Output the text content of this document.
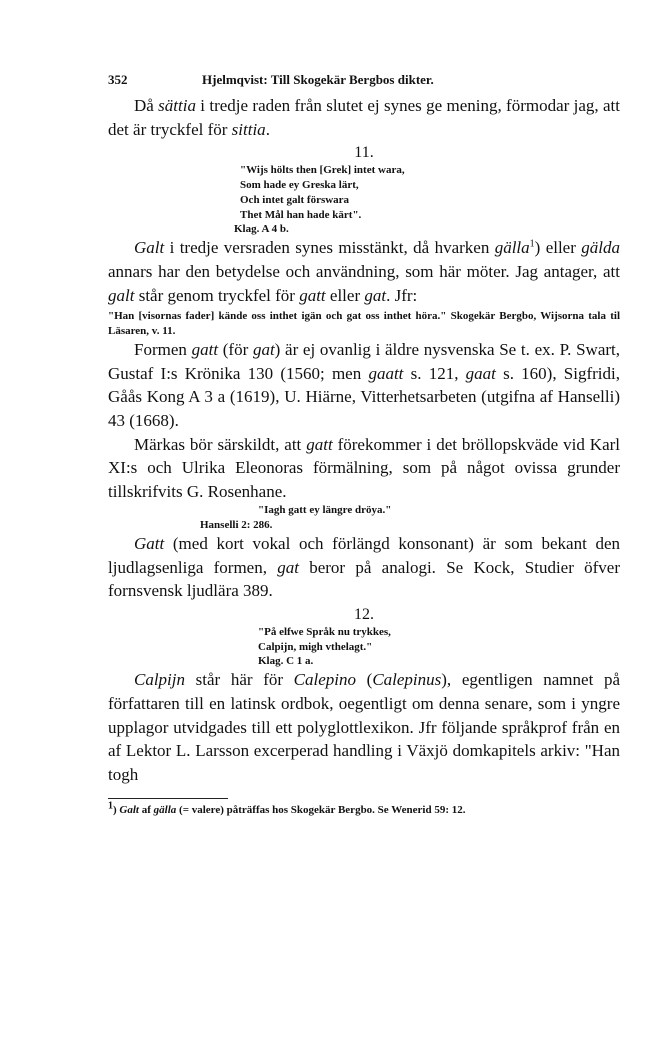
352	Hjelmqvist: Till Skogekär Bergbos dikter.

Då sättia i tredje raden från slutet ej synes ge mening, förmodar jag, att det är tryckfel för sittia.

11.
"Wijs hölts then [Grek] intet wara,
Som hade ey Greska lärt,
Och intet galt förswara
Thet Mål han hade kärt".
Klag. A 4 b.

Galt i tredje versraden synes misstänkt, då hvarken gälla$^1$) eller gälda annars har den betydelse och användning, som här möter. Jag antager, att galt står genom tryckfel för gatt eller gat. Jfr:

"Han [visornas fader] kände oss inthet igän och gat oss inthet höra." Skogekär Bergbo, Wijsorna tala til Läsaren, v. 11.

Formen gatt (för gat) är ej ovanlig i äldre nysvenska Se t. ex. P. Swart, Gustaf I:s Krönika 130 (1560; men gaatt s. 121, gaat s. 160), Sigfridi, Gåås Kong A 3 a (1619), U. Hiärne, Vitterhetsarbeten (utgifna af Hanselli) 43 (1668).

Märkas bör särskildt, att gatt förekommer i det bröllopskväde vid Karl XI:s och Ulrika Eleonoras förmälning, som på något ovissa grunder tillskrifvits G. Rosenhane.

"Iagh gatt ey längre dröya."
Hanselli 2: 286.

Gatt (med kort vokal och förlängd konsonant) är som bekant den ljudlagsenliga formen, gat beror på analogi. Se Kock, Studier öfver fornsvensk ljudlära 389.

12.
"På elfwe Språk nu trykkes,
Calpijn, migh vthelagt."
Klag. C 1 a.

Calpijn står här för Calepino (Calepinus), egentligen namnet på författaren till en latinsk ordbok, oegentligt om denna senare, som i yngre upplagor utvidgades till ett polyglottlexikon. Jfr följande språkprof från en af Lektor L. Larsson excerperad handling i Växjö domkapitels arkiv: "Han togh

$^1$) Galt af gälla (= valere) påträffas hos Skogekär Bergbo. Se Wenerid 59: 12.
